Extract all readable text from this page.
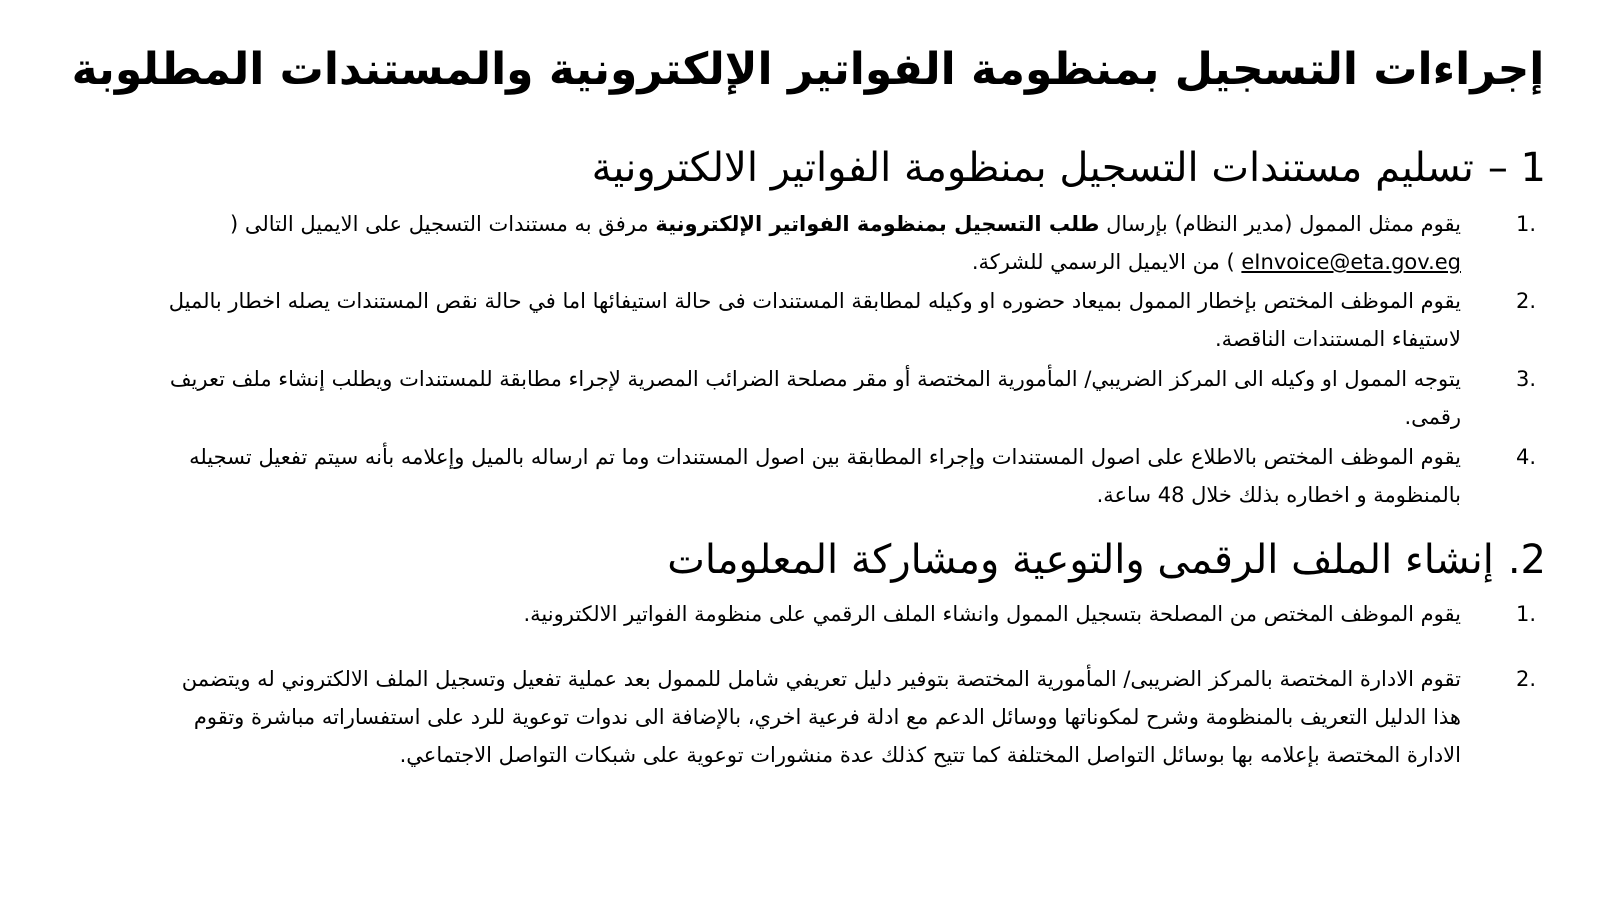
إجراءات التسجيل بمنظومة الفواتير الإلكترونية والمستندات المطلوبة
1 –تسليم مستندات التسجيل بمنظومة الفواتير الالكترونية
1.
يقوم ممثل الممول (مدير النظام) بإرسال طلب التسجيل بمنظومة الفواتير الإلكترونية مرفق به مستندات التسجيل على الايميل التالى ( eInvoice@eta.gov.eg ) من الايميل الرسمي للشركة.
2.
يقوم الموظف المختص بإخطار الممول بميعاد حضوره او وكيله لمطابقة المستندات فى حالة استيفائها اما في حالة نقص المستندات يصله اخطار بالميل لاستيفاء المستندات الناقصة.
3.
يتوجه الممول او وكيله الى المركز الضريبي/ المأمورية المختصة أو مقر مصلحة الضرائب المصرية لإجراء مطابقة للمستندات ويطلب إنشاء ملف تعريف رقمى.
4.
يقوم الموظف المختص بالاطلاع على اصول المستندات وإجراء المطابقة بين اصول المستندات وما تم ارساله بالميل وإعلامه بأنه سيتم تفعيل تسجيله بالمنظومة و اخطاره بذلك خلال 48 ساعة.
2.إنشاء الملف الرقمى والتوعية ومشاركة المعلومات
1.
يقوم الموظف المختص من المصلحة بتسجيل الممول وانشاء الملف الرقمي على منظومة الفواتير الالكترونية.
2.
تقوم الادارة المختصة بالمركز الضريبى/ المأمورية المختصة بتوفير دليل تعريفي شامل للممول بعد عملية تفعيل وتسجيل الملف الالكتروني له ويتضمن هذا الدليل التعريف بالمنظومة وشرح لمكوناتها ووسائل الدعم مع ادلة فرعية اخري، بالإضافة الى ندوات توعوية للرد على استفساراته مباشرة وتقوم الادارة المختصة بإعلامه بها بوسائل التواصل المختلفة كما تتيح كذلك عدة منشورات توعوية على شبكات التواصل الاجتماعي.
